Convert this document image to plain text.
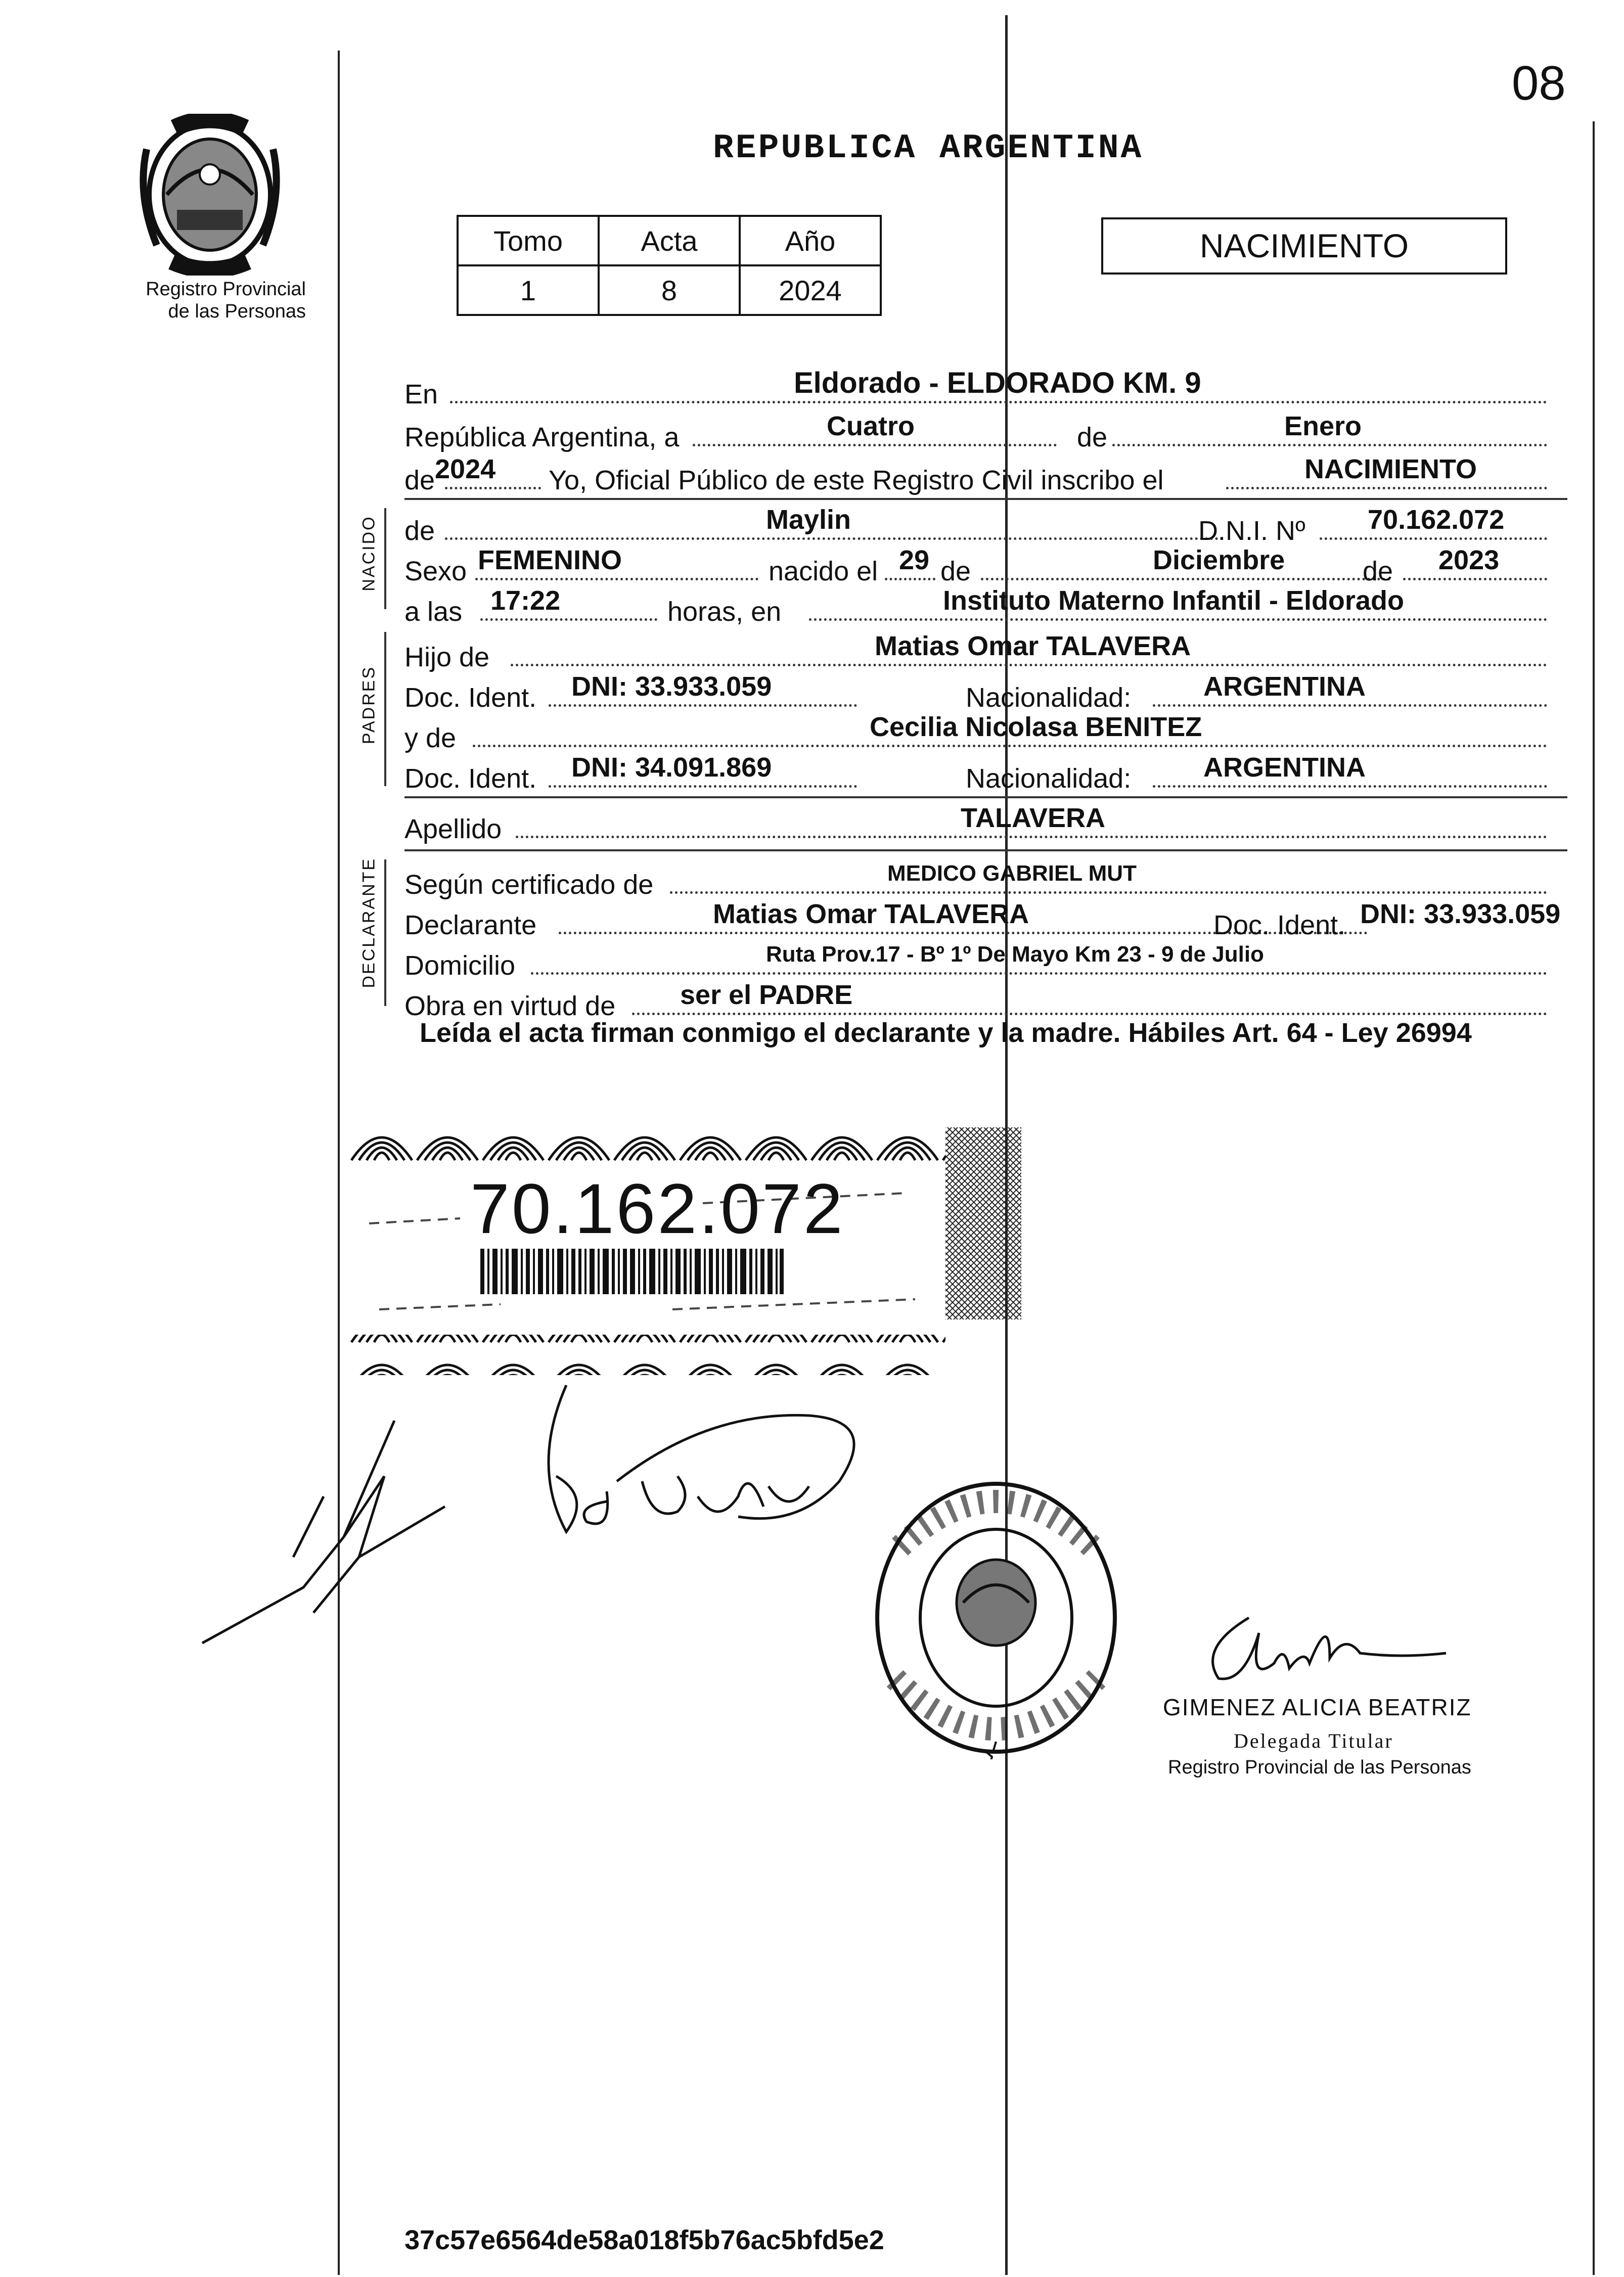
08
Registro Provincial
de las Personas
REPUBLICA ARGENTINA
Tomo	Acta	Año
1	8	2024
NACIMIENTO
NACIDO
PADRES
DECLARANTE
En	Eldorado - ELDORADO KM. 9
República Argentina, a	Cuatro	de	Enero
de 2024 Yo, Oficial Público de este Registro Civil inscribo el	NACIMIENTO
de	Maylin	D.N.I. Nº 70.162.072
Sexo FEMENINO	nacido el 29 de	Diciembre	de 2023
a las 17:22	horas, en	Instituto Materno Infantil - Eldorado
Hijo de	Matias Omar TALAVERA
Doc. Ident. DNI: 33.933.059	Nacionalidad:	ARGENTINA
y de	Cecilia Nicolasa BENITEZ
Doc. Ident. DNI: 34.091.869	Nacionalidad:	ARGENTINA
Apellido	TALAVERA
Según certificado de	MEDICO GABRIEL MUT
Declarante	Matias Omar TALAVERA	Doc. Ident. DNI: 33.933.059
Domicilio	Ruta Prov.17 - Bº 1º De Mayo Km 23 - 9 de Julio
Obra en virtud de ser el PADRE
Leída el acta firman conmigo el declarante y la madre. Hábiles Art. 64 - Ley 26994
70.162.072
GIMENEZ ALICIA BEATRIZ
Delegada Titular
Registro Provincial de las Personas
37c57e6564de58a018f5b76ac5bfd5e2
